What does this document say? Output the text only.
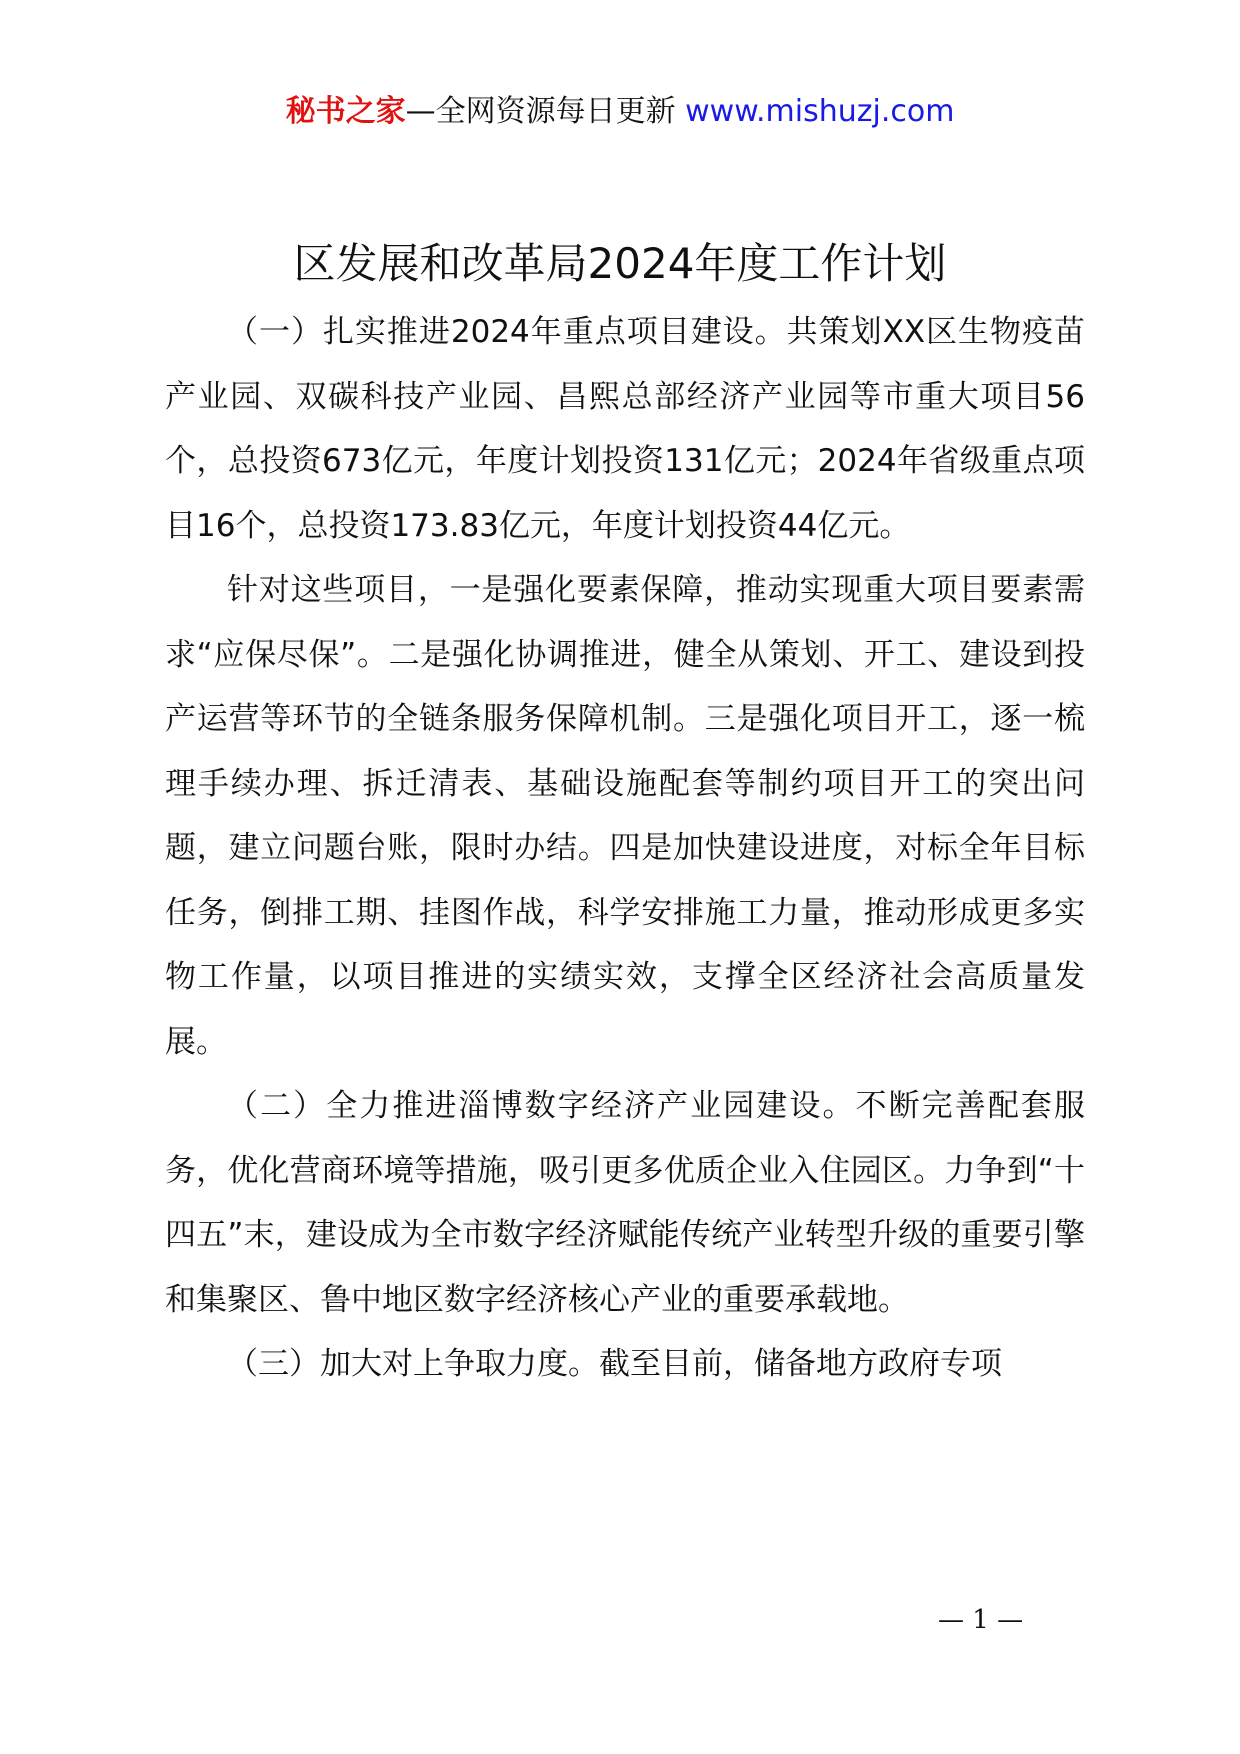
秘书之家—全网资源每日更新 www.mishuzj.com
区发展和改革局2024年度工作计划

（一）扎实推进2024年重点项目建设。共策划XX区生物疫苗产业园、双碳科技产业园、昌熙总部经济产业园等市重大项目56个，总投资673亿元，年度计划投资131亿元；2024年省级重点项目16个，总投资173.83亿元，年度计划投资44亿元。

针对这些项目，一是强化要素保障，推动实现重大项目要素需求“应保尽保”。二是强化协调推进，健全从策划、开工、建设到投产运营等环节的全链条服务保障机制。三是强化项目开工，逐一梳理手续办理、拆迁清表、基础设施配套等制约项目开工的突出问题，建立问题台账，限时办结。四是加快建设进度，对标全年目标任务，倒排工期、挂图作战，科学安排施工力量，推动形成更多实物工作量，以项目推进的实绩实效，支撑全区经济社会高质量发展。

（二）全力推进淄博数字经济产业园建设。不断完善配套服务，优化营商环境等措施，吸引更多优质企业入住园区。力争到“十四五”末，建设成为全市数字经济赋能传统产业转型升级的重要引擎和集聚区、鲁中地区数字经济核心产业的重要承载地。

（三）加大对上争取力度。截至目前，储备地方政府专项

— 1 —
